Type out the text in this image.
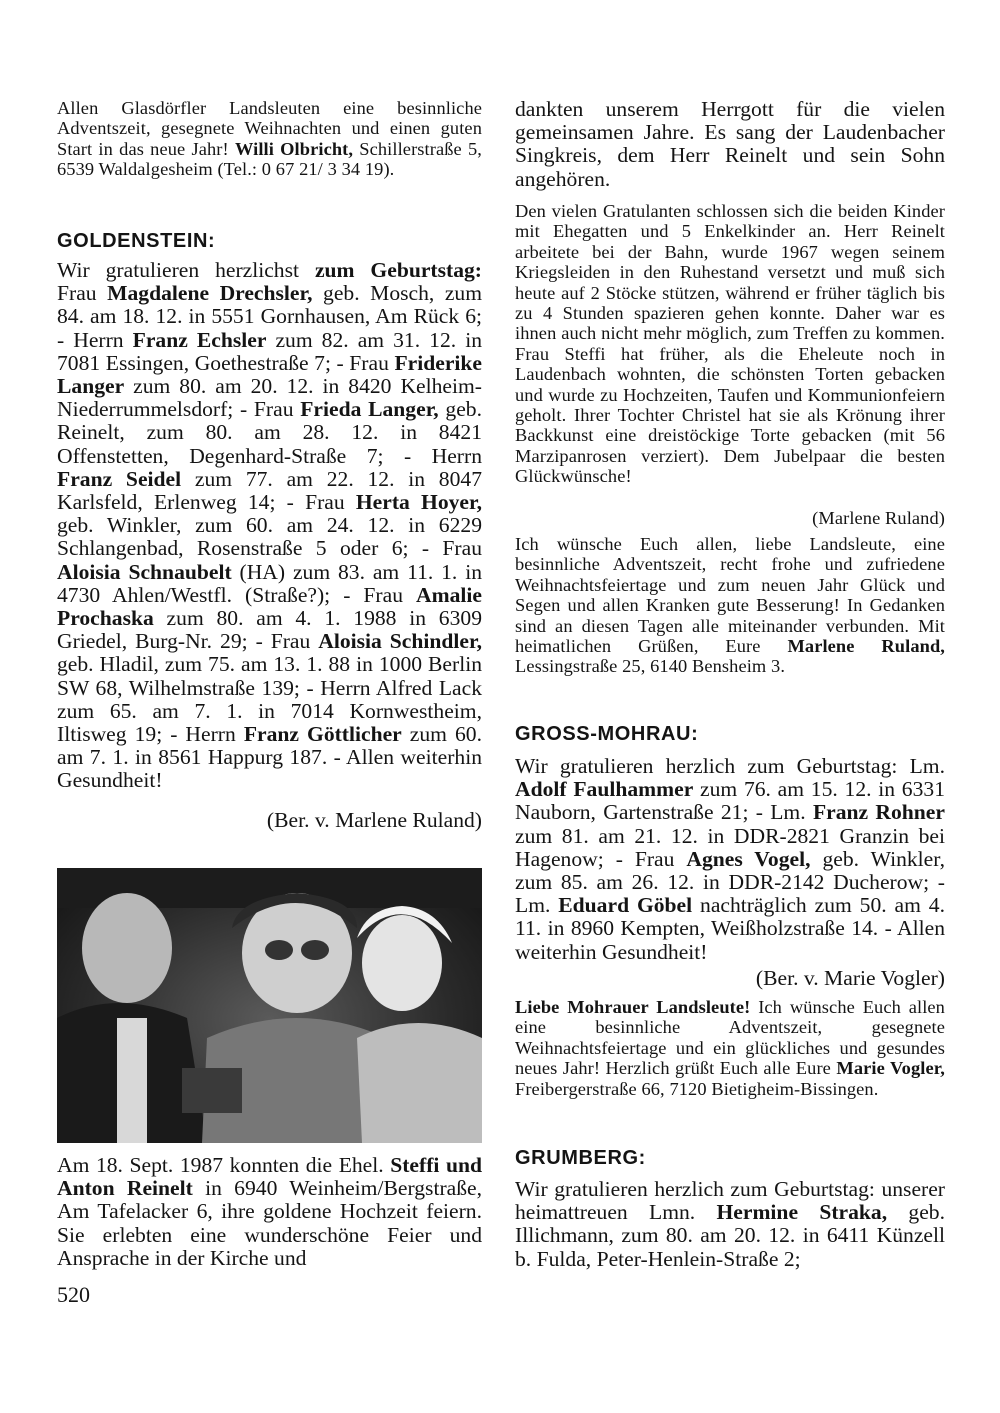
Allen Glasdörfler Landsleuten eine besinnliche Adventszeit, gesegnete Weihnachten und einen guten Start in das neue Jahr! Willi Olbricht, Schillerstraße 5, 6539 Waldalgesheim (Tel.: 0 67 21/ 3 34 19).

GOLDENSTEIN:

Wir gratulieren herzlichst zum Geburtstag: Frau Magdalene Drechsler, geb. Mosch, zum 84. am 18. 12. in 5551 Gornhausen, Am Rück 6; - Herrn Franz Echsler zum 82. am 31. 12. in 7081 Essingen, Goethestraße 7; - Frau Friderike Langer zum 80. am 20. 12. in 8420 Kelheim-Niederrummelsdorf; - Frau Frieda Langer, geb. Reinelt, zum 80. am 28. 12. in 8421 Offenstetten, Degenhard-Straße 7; - Herrn Franz Seidel zum 77. am 22. 12. in 8047 Karlsfeld, Erlenweg 14; - Frau Herta Hoyer, geb. Winkler, zum 60. am 24. 12. in 6229 Schlangenbad, Rosenstraße 5 oder 6; - Frau Aloisia Schnaubelt (HA) zum 83. am 11. 1. in 4730 Ahlen/Westfl. (Straße?); - Frau Amalie Prochaska zum 80. am 4. 1. 1988 in 6309 Griedel, Burg-Nr. 29; - Frau Aloisia Schindler, geb. Hladil, zum 75. am 13. 1. 88 in 1000 Berlin SW 68, Wilhelmstraße 139; - Herrn Alfred Lack zum 65. am 7. 1. in 7014 Kornwestheim, Iltisweg 19; - Herrn Franz Göttlicher zum 60. am 7. 1. in 8561 Happurg 187. - Allen weiterhin Gesundheit!

(Ber. v. Marlene Ruland)

Am 18. Sept. 1987 konnten die Ehel. Steffi und Anton Reinelt in 6940 Weinheim/Bergstraße, Am Tafelacker 6, ihre goldene Hochzeit feiern. Sie erlebten eine wunderschöne Feier und Ansprache in der Kirche und

dankten unserem Herrgott für die vielen gemeinsamen Jahre. Es sang der Laudenbacher Singkreis, dem Herr Reinelt und sein Sohn angehören.

Den vielen Gratulanten schlossen sich die beiden Kinder mit Ehegatten und 5 Enkelkinder an. Herr Reinelt arbeitete bei der Bahn, wurde 1967 wegen seinem Kriegsleiden in den Ruhestand versetzt und muß sich heute auf 2 Stöcke stützen, während er früher täglich bis zu 4 Stunden spazieren gehen konnte. Daher war es ihnen auch nicht mehr möglich, zum Treffen zu kommen. Frau Steffi hat früher, als die Eheleute noch in Laudenbach wohnten, die schönsten Torten gebacken und wurde zu Hochzeiten, Taufen und Kommunionfeiern geholt. Ihrer Tochter Christel hat sie als Krönung ihrer Backkunst eine dreistöckige Torte gebacken (mit 56 Marzipanrosen verziert). Dem Jubelpaar die besten Glückwünsche!

(Marlene Ruland)

Ich wünsche Euch allen, liebe Landsleute, eine besinnliche Adventszeit, recht frohe und zufriedene Weihnachtsfeiertage und zum neuen Jahr Glück und Segen und allen Kranken gute Besserung! In Gedanken sind an diesen Tagen alle miteinander verbunden. Mit heimatlichen Grüßen, Eure Marlene Ruland, Lessingstraße 25, 6140 Bensheim 3.

GROSS-MOHRAU:

Wir gratulieren herzlich zum Geburtstag: Lm. Adolf Faulhammer zum 76. am 15. 12. in 6331 Nauborn, Gartenstraße 21; - Lm. Franz Rohner zum 81. am 21. 12. in DDR-2821 Granzin bei Hagenow; - Frau Agnes Vogel, geb. Winkler, zum 85. am 26. 12. in DDR-2142 Ducherow; - Lm. Eduard Göbel nachträglich zum 50. am 4. 11. in 8960 Kempten, Weißholzstraße 14. - Allen weiterhin Gesundheit!

(Ber. v. Marie Vogler)

Liebe Mohrauer Landsleute! Ich wünsche Euch allen eine besinnliche Adventszeit, gesegnete Weihnachtsfeiertage und ein glückliches und gesundes neues Jahr! Herzlich grüßt Euch alle Eure Marie Vogler, Freibergerstraße 66, 7120 Bietigheim-Bissingen.

GRUMBERG:

Wir gratulieren herzlich zum Geburtstag: unserer heimattreuen Lmn. Hermine Straka, geb. Illichmann, zum 80. am 20. 12. in 6411 Künzell b. Fulda, Peter-Henlein-Straße 2;

520
